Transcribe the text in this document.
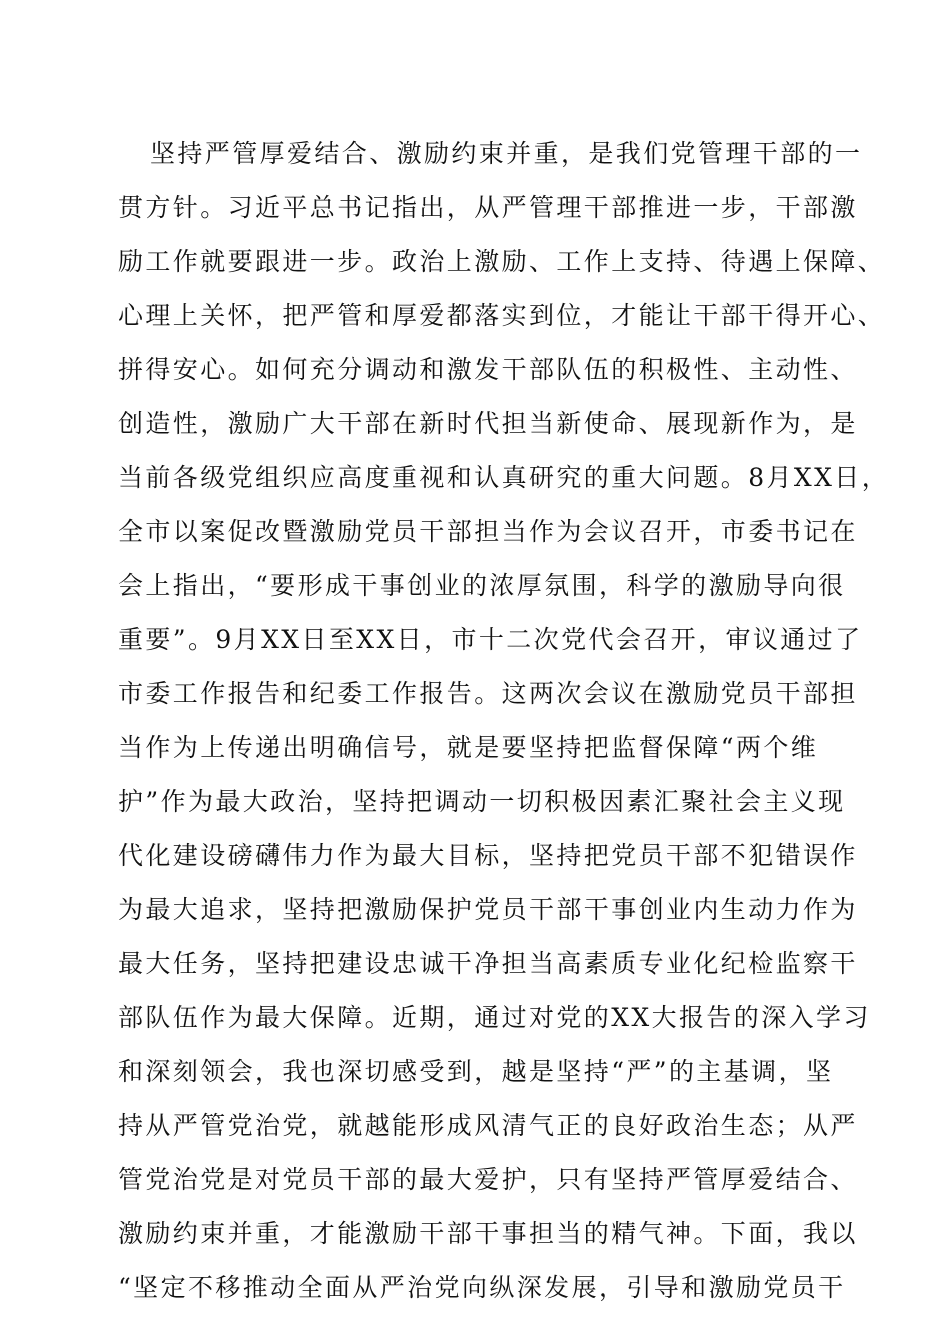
坚持严管厚爱结合、激励约束并重，是我们党管理干部的一
贯方针。习近平总书记指出，从严管理干部推进一步，干部激
励工作就要跟进一步。政治上激励、工作上支持、待遇上保障、
心理上关怀，把严管和厚爱都落实到位，才能让干部干得开心、
拼得安心。如何充分调动和激发干部队伍的积极性、主动性、
创造性，激励广大干部在新时代担当新使命、展现新作为，是
当前各级党组织应高度重视和认真研究的重大问题。8月XX日，
全市以案促改暨激励党员干部担当作为会议召开，市委书记在
会上指出，“要形成干事创业的浓厚氛围，科学的激励导向很
重要”。9月XX日至XX日，市十二次党代会召开，审议通过了
市委工作报告和纪委工作报告。这两次会议在激励党员干部担
当作为上传递出明确信号，就是要坚持把监督保障“两个维
护”作为最大政治，坚持把调动一切积极因素汇聚社会主义现
代化建设磅礴伟力作为最大目标，坚持把党员干部不犯错误作
为最大追求，坚持把激励保护党员干部干事创业内生动力作为
最大任务，坚持把建设忠诚干净担当高素质专业化纪检监察干
部队伍作为最大保障。近期，通过对党的XX大报告的深入学习
和深刻领会，我也深切感受到，越是坚持“严”的主基调，坚
持从严管党治党，就越能形成风清气正的良好政治生态；从严
管党治党是对党员干部的最大爱护，只有坚持严管厚爱结合、
激励约束并重，才能激励干部干事担当的精气神。下面，我以
“坚定不移推动全面从严治党向纵深发展，引导和激励党员干
